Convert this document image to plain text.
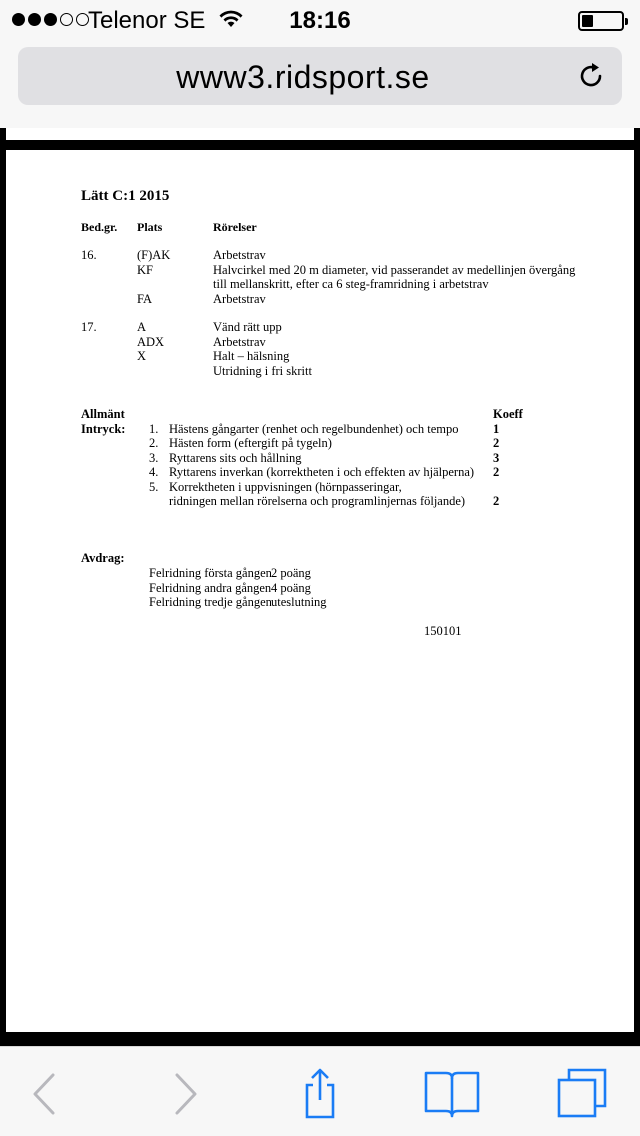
Telenor SE	18:16
www3.ridsport.se
Lätt C:1 2015
Bed.gr. Plats	Rörelser
16.	(F)AK	Arbetstrav
KF	Halvcirkel med 20 m diameter, vid passerandet av medellinjen övergång
till mellanskritt, efter ca 6 steg-framridning i arbetstrav
FA	Arbetstrav
17.	A	Vänd rätt upp
ADX	Arbetstrav
X	Halt – hälsning
Utridning i fri skritt
Allmänt	Koeff
Intryck: 1. Hästens gångarter (renhet och regelbundenhet) och tempo	1
2. Hästen form (eftergift på tygeln)	2
3. Ryttarens sits och hållning	3
4. Ryttarens inverkan (korrektheten i och effekten av hjälperna) 2
5. Korrektheten i uppvisningen (hörnpasseringar,
ridningen mellan rörelserna och programlinjernas följande) 2
Avdrag:
Felridning första gången 2 poäng
Felridning andra gången 4 poäng
Felridning tredje gången uteslutning
150101
